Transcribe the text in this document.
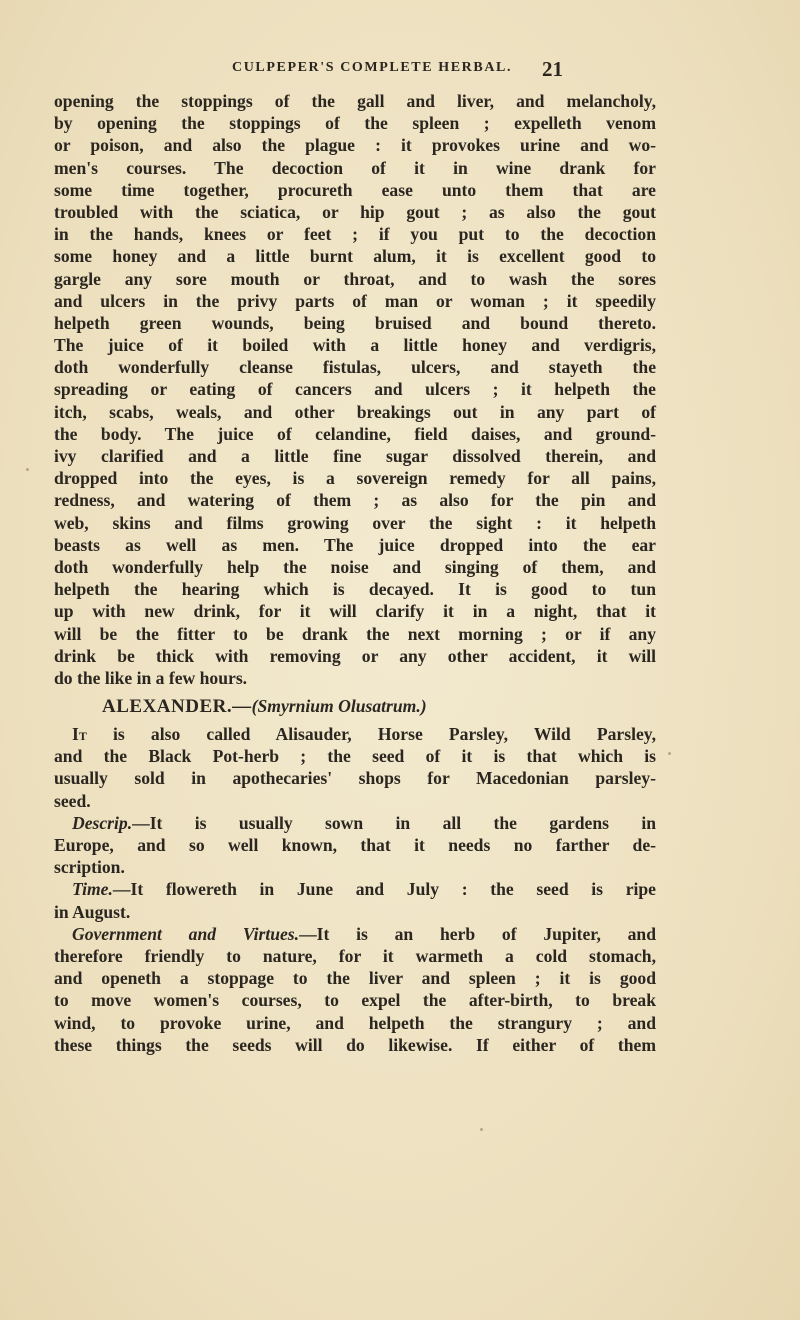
CULPEPER'S COMPLETE HERBAL. 21
opening the stoppings of the gall and liver, and melancholy,
by opening the stoppings of the spleen ; expelleth venom
or poison, and also the plague : it provokes urine and wo-
men's courses. The decoction of it in wine drank for
some time together, procureth ease unto them that are
troubled with the sciatica, or hip gout ; as also the gout
in the hands, knees or feet ; if you put to the decoction
some honey and a little burnt alum, it is excellent good to
gargle any sore mouth or throat, and to wash the sores
and ulcers in the privy parts of man or woman ; it speedily
helpeth green wounds, being bruised and bound thereto.
The juice of it boiled with a little honey and verdigris,
doth wonderfully cleanse fistulas, ulcers, and stayeth the
spreading or eating of cancers and ulcers ; it helpeth the
itch, scabs, weals, and other breakings out in any part of
the body. The juice of celandine, field daises, and ground-
ivy clarified and a little fine sugar dissolved therein, and
dropped into the eyes, is a sovereign remedy for all pains,
redness, and watering of them ; as also for the pin and
web, skins and films growing over the sight : it helpeth
beasts as well as men. The juice dropped into the ear
doth wonderfully help the noise and singing of them, and
helpeth the hearing which is decayed. It is good to tun
up with new drink, for it will clarify it in a night, that it
will be the fitter to be drank the next morning ; or if any
drink be thick with removing or any other accident, it will
do the like in a few hours.
ALEXANDER.—(Smyrnium Olusatrum.)
It is also called Alisauder, Horse Parsley, Wild Parsley,
and the Black Pot-herb ; the seed of it is that which is
usually sold in apothecaries' shops for Macedonian parsley-
seed.
Descrip.—It is usually sown in all the gardens in
Europe, and so well known, that it needs no farther de-
scription.
Time.—It flowereth in June and July : the seed is ripe
in August.
Government and Virtues.—It is an herb of Jupiter, and
therefore friendly to nature, for it warmeth a cold stomach,
and openeth a stoppage to the liver and spleen ; it is good
to move women's courses, to expel the after-birth, to break
wind, to provoke urine, and helpeth the strangury ; and
these things the seeds will do likewise. If either of them
